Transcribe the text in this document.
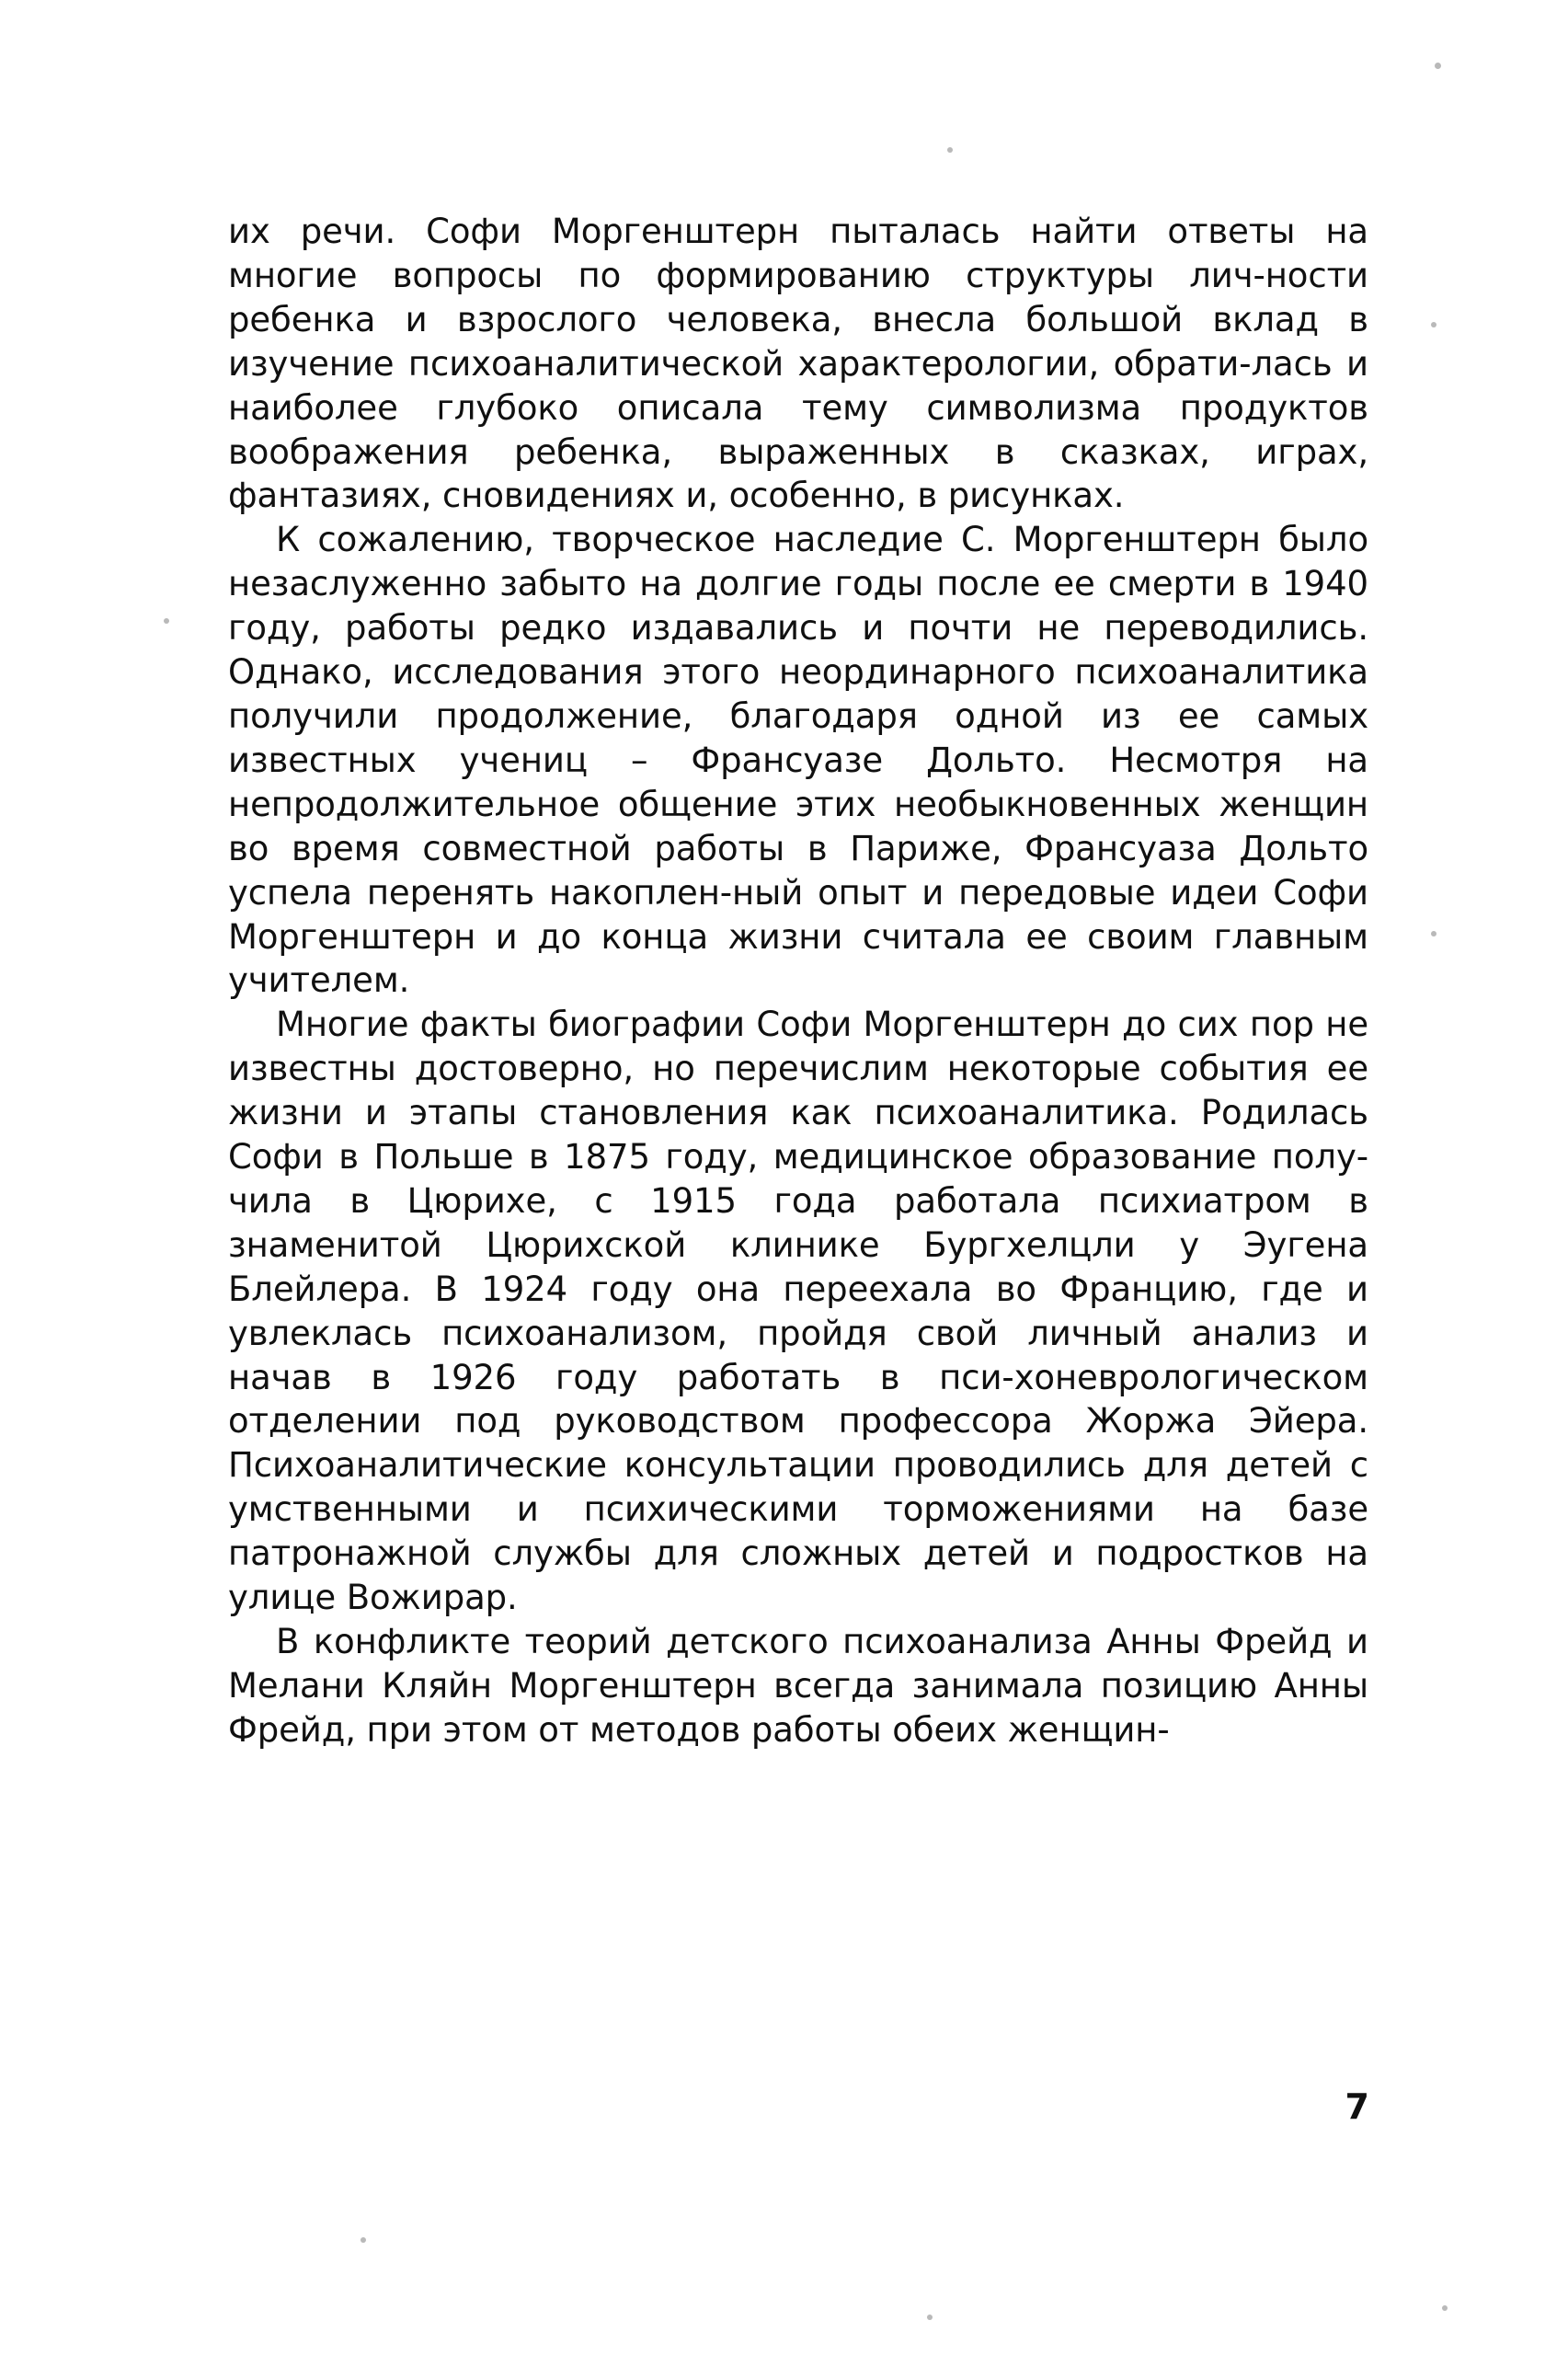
их речи. Софи Моргенштерн пыталась найти ответы на многие вопросы по формированию структуры лич-ности ребенка и взрослого человека, внесла большой вклад в изучение психоаналитической характерологии, обрати-лась и наиболее глубоко описала тему символизма продуктов воображения ребенка, выраженных в сказках, играх, фантазиях, сновидениях и, особенно, в рисунках.

К сожалению, творческое наследие С. Моргенштерн было незаслуженно забыто на долгие годы после ее смерти в 1940 году, работы редко издавались и почти не переводились. Однако, исследования этого неординарного психоаналитика получили продолжение, благодаря одной из ее самых известных учениц – Франсуазе Дольто. Несмотря на непродолжительное общение этих необыкновенных женщин во время совместной работы в Париже, Франсуаза Дольто успела перенять накоплен-ный опыт и передовые идеи Софи Моргенштерн и до конца жизни считала ее своим главным учителем.

Многие факты биографии Софи Моргенштерн до сих пор не известны достоверно, но перечислим некоторые события ее жизни и этапы становления как психоаналитика. Родилась Софи в Польше в 1875 году, медицинское образование полу-чила в Цюрихе, с 1915 года работала психиатром в знаменитой Цюрихской клинике Бургхелцли у Эугена Блейлера. В 1924 году она переехала во Францию, где и увлеклась психоанализом, пройдя свой личный анализ и начав в 1926 году работать в пси-хоневрологическом отделении под руководством профессора Жоржа Эйера. Психоаналитические консультации проводились для детей с умственными и психическими торможениями на базе патронажной службы для сложных детей и подростков на улице Вожирар.

В конфликте теорий детского психоанализа Анны Фрейд и Мелани Кляйн Моргенштерн всегда занимала позицию Анны Фрейд, при этом от методов работы обеих женщин-

7
